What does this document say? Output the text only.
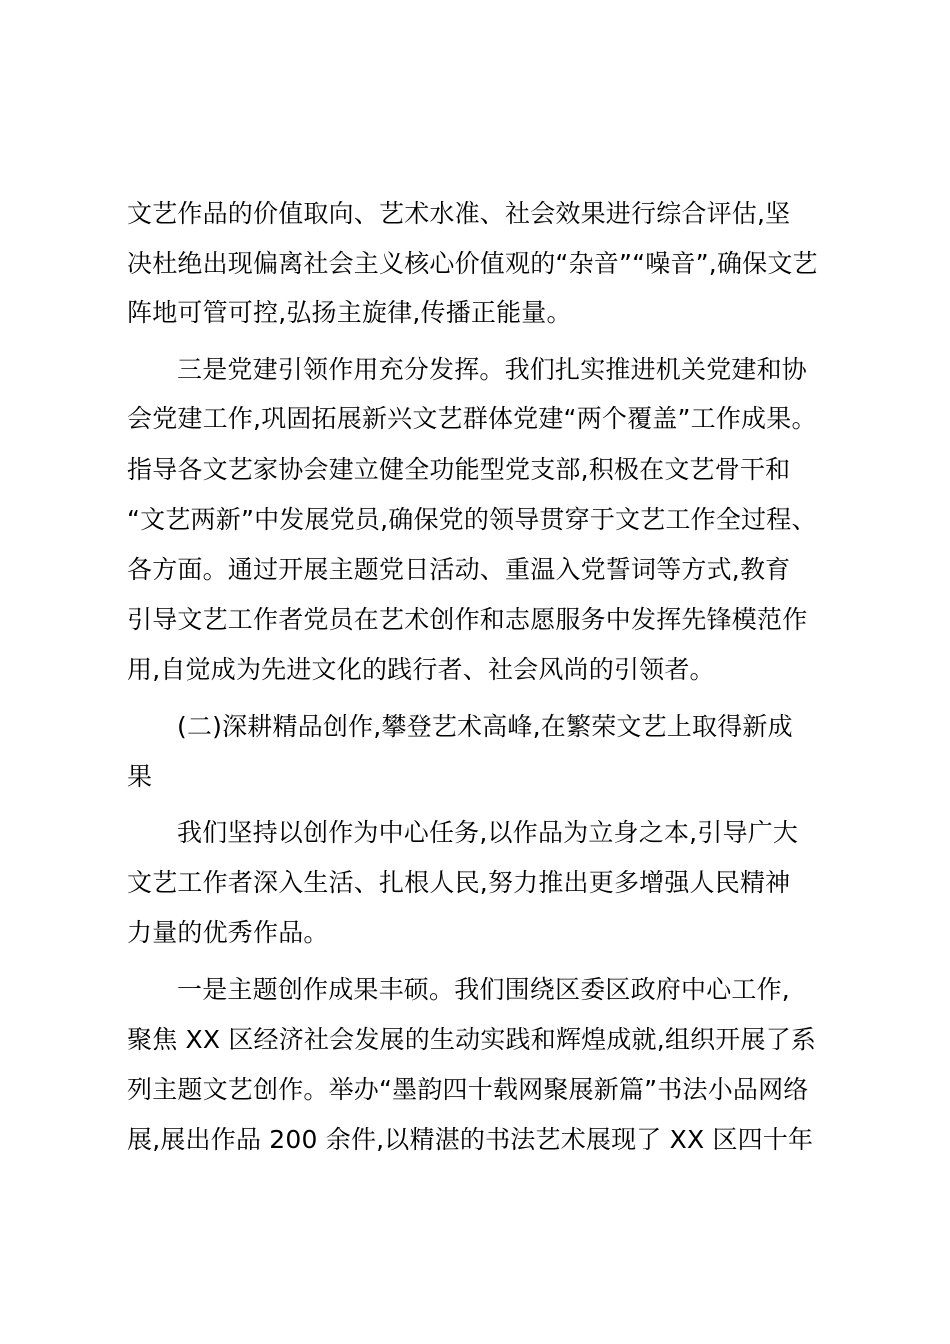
文艺作品的价值取向、艺术水准、社会效果进行综合评估,坚
决杜绝出现偏离社会主义核心价值观的“杂音”“噪音”,确保文艺
阵地可管可控,弘扬主旋律,传播正能量。
三是党建引领作用充分发挥。我们扎实推进机关党建和协
会党建工作,巩固拓展新兴文艺群体党建“两个覆盖”工作成果。
指导各文艺家协会建立健全功能型党支部,积极在文艺骨干和
“文艺两新”中发展党员,确保党的领导贯穿于文艺工作全过程、
各方面。通过开展主题党日活动、重温入党誓词等方式,教育
引导文艺工作者党员在艺术创作和志愿服务中发挥先锋模范作
用,自觉成为先进文化的践行者、社会风尚的引领者。
(二)深耕精品创作,攀登艺术高峰,在繁荣文艺上取得新成
果
我们坚持以创作为中心任务,以作品为立身之本,引导广大
文艺工作者深入生活、扎根人民,努力推出更多增强人民精神
力量的优秀作品。
一是主题创作成果丰硕。我们围绕区委区政府中心工作,
聚焦 XX 区经济社会发展的生动实践和辉煌成就,组织开展了系
列主题文艺创作。举办“墨韵四十载网聚展新篇”书法小品网络
展,展出作品 200 余件,以精湛的书法艺术展现了 XX 区四十年
